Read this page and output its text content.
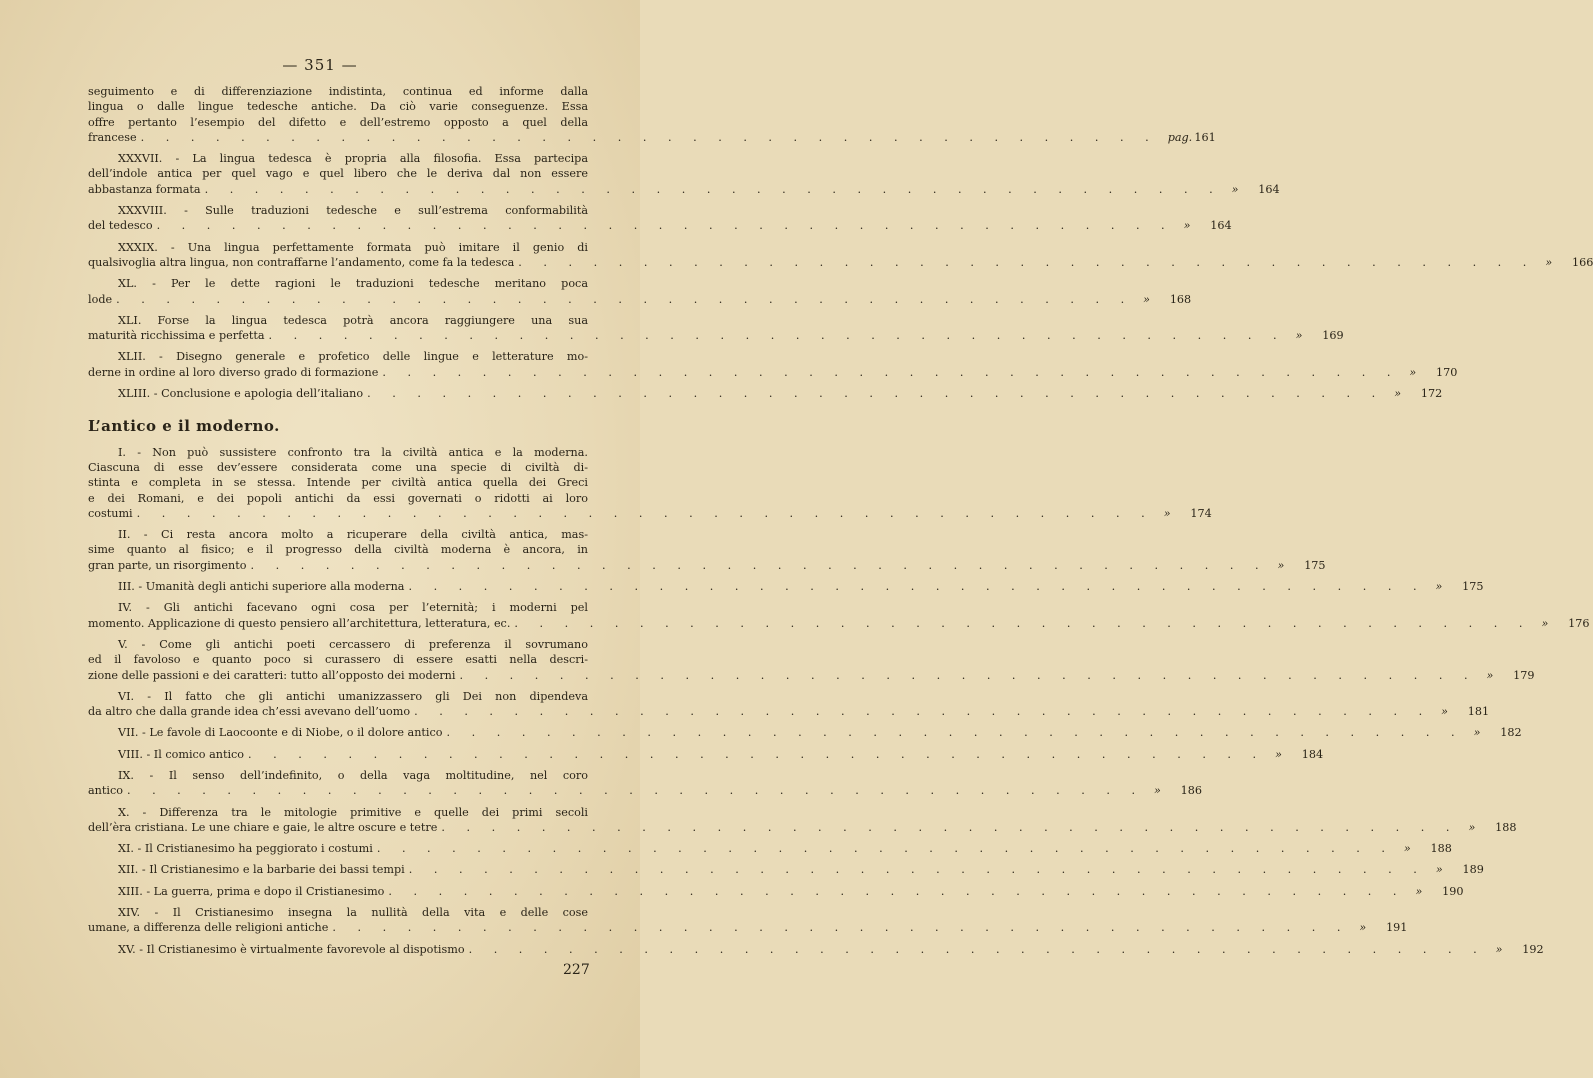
— 351 —
seguimento e di differenziazione indistinta, continua ed informe dalla
lingua o dalle lingue tedesche antiche. Da ciò varie conseguenze. Essa
offre pertanto l’esempio del difetto e dell’estremo opposto a quel della
francese . . . . . . . . . . . . . . . . . . . . . . . . . . . . . . . . . . . . . . . . . pag. 161
XXXVII. - La lingua tedesca è propria alla filosofia. Essa partecipa
dell’indole antica per quel vago e quel libero che le deriva dal non essere
abbastanza formata . . . . . . . . . . . . . . . . . . . . . . . . . . . . . . . . . . . . . . . . . » 164
XXXVIII. - Sulle traduzioni tedesche e sull’estrema conformabilità
del tedesco . . . . . . . . . . . . . . . . . . . . . . . . . . . . . . . . . . . . . . . . . » 164
XXXIX. - Una lingua perfettamente formata può imitare il genio di
qualsivoglia altra lingua, non contraffarne l’andamento, come fa la tedesca . . . . . . . . . . . . . . . . . . . . . . . . . . . . . . . . . . . . . . . . . » 166
XL. - Per le dette ragioni le traduzioni tedesche meritano poca
lode . . . . . . . . . . . . . . . . . . . . . . . . . . . . . . . . . . . . . . . . . » 168
XLI. Forse la lingua tedesca potrà ancora raggiungere una sua
maturità ricchissima e perfetta . . . . . . . . . . . . . . . . . . . . . . . . . . . . . . . . . . . . . . . . . » 169
XLII. - Disegno generale e profetico delle lingue e letterature mo-
derne in ordine al loro diverso grado di formazione . . . . . . . . . . . . . . . . . . . . . . . . . . . . . . . . . . . . . . . . . » 170
XLIII. - Conclusione e apologia dell’italiano . . . . . . . . . . . . . . . . . . . . . . . . . . . . . . . . . . . . . . . . . » 172
L’antico e il moderno.
I. - Non può sussistere confronto tra la civiltà antica e la moderna.
Ciascuna di esse dev’essere considerata come una specie di civiltà di-
stinta e completa in se stessa. Intende per civiltà antica quella dei Greci
e dei Romani, e dei popoli antichi da essi governati o ridotti ai loro
costumi . . . . . . . . . . . . . . . . . . . . . . . . . . . . . . . . . . . . . . . . . » 174
II. - Ci resta ancora molto a ricuperare della civiltà antica, mas-
sime quanto al fisico; e il progresso della civiltà moderna è ancora, in
gran parte, un risorgimento . . . . . . . . . . . . . . . . . . . . . . . . . . . . . . . . . . . . . . . . . » 175
III. - Umanità degli antichi superiore alla moderna . . . . . . . . . . . . . . . . . . . . . . . . . . . . . . . . . . . . . . . . . » 175
IV. - Gli antichi facevano ogni cosa per l’eternità; i moderni pel
momento. Applicazione di questo pensiero all’architettura, letteratura, ec. . . . . . . . . . . . . . . . . . . . . . . . . . . . . . . . . . . . . . . . . . » 176
V. - Come gli antichi poeti cercassero di preferenza il sovrumano
ed il favoloso e quanto poco si curassero di essere esatti nella descri-
zione delle passioni e dei caratteri: tutto all’opposto dei moderni . . . . . . . . . . . . . . . . . . . . . . . . . . . . . . . . . . . . . . . . . » 179
VI. - Il fatto che gli antichi umanizzassero gli Dei non dipendeva
da altro che dalla grande idea ch’essi avevano dell’uomo . . . . . . . . . . . . . . . . . . . . . . . . . . . . . . . . . . . . . . . . . » 181
VII. - Le favole di Laocoonte e di Niobe, o il dolore antico . . . . . . . . . . . . . . . . . . . . . . . . . . . . . . . . . . . . . . . . . » 182
VIII. - Il comico antico . . . . . . . . . . . . . . . . . . . . . . . . . . . . . . . . . . . . . . . . . » 184
IX. - Il senso dell’indefinito, o della vaga moltitudine, nel coro
antico . . . . . . . . . . . . . . . . . . . . . . . . . . . . . . . . . . . . . . . . . » 186
X. - Differenza tra le mitologie primitive e quelle dei primi secoli
dell’èra cristiana. Le une chiare e gaie, le altre oscure e tetre . . . . . . . . . . . . . . . . . . . . . . . . . . . . . . . . . . . . . . . . . » 188
XI. - Il Cristianesimo ha peggiorato i costumi . . . . . . . . . . . . . . . . . . . . . . . . . . . . . . . . . . . . . . . . . » 188
XII. - Il Cristianesimo e la barbarie dei bassi tempi . . . . . . . . . . . . . . . . . . . . . . . . . . . . . . . . . . . . . . . . . » 189
XIII. - La guerra, prima e dopo il Cristianesimo . . . . . . . . . . . . . . . . . . . . . . . . . . . . . . . . . . . . . . . . . » 190
XIV. - Il Cristianesimo insegna la nullità della vita e delle cose
umane, a differenza delle religioni antiche . . . . . . . . . . . . . . . . . . . . . . . . . . . . . . . . . . . . . . . . . » 191
XV. - Il Cristianesimo è virtualmente favorevole al dispotismo . . . . . . . . . . . . . . . . . . . . . . . . . . . . . . . . . . . . . . . . . » 192
227
